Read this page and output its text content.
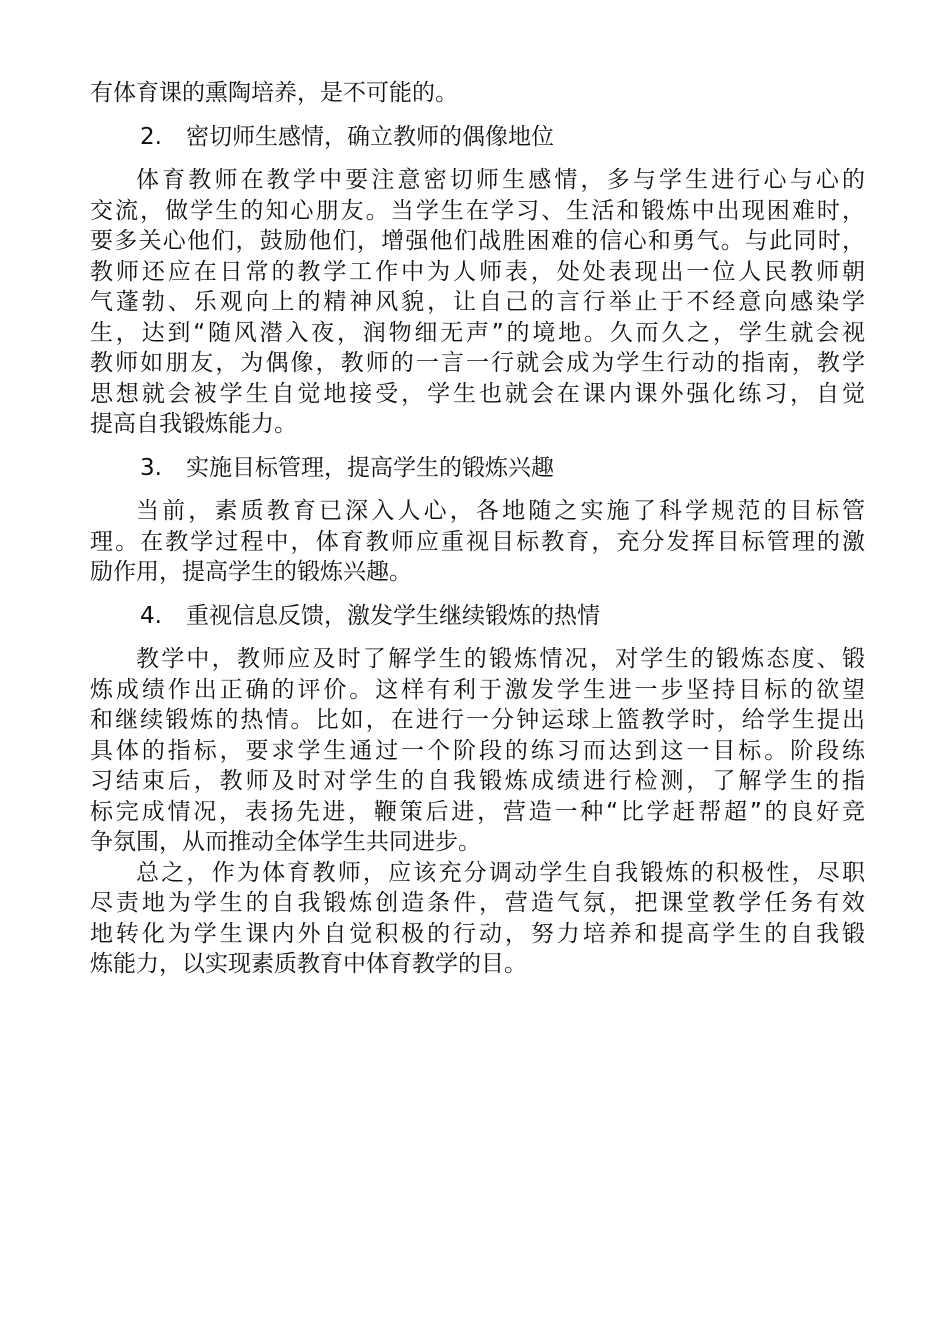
有体育课的熏陶培养，是不可能的。
2. 密切师生感情，确立教师的偶像地位
体育教师在教学中要注意密切师生感情，多与学生进行心与心的
交流，做学生的知心朋友。当学生在学习、生活和锻炼中出现困难时，
要多关心他们，鼓励他们，增强他们战胜困难的信心和勇气。与此同时，
教师还应在日常的教学工作中为人师表，处处表现出一位人民教师朝
气蓬勃、乐观向上的精神风貌，让自己的言行举止于不经意向感染学
生，达到“随风潜入夜，润物细无声”的境地。久而久之，学生就会视
教师如朋友，为偶像，教师的一言一行就会成为学生行动的指南，教学
思想就会被学生自觉地接受，学生也就会在课内课外强化练习，自觉
提高自我锻炼能力。
3. 实施目标管理，提高学生的锻炼兴趣
当前，素质教育已深入人心，各地随之实施了科学规范的目标管
理。在教学过程中，体育教师应重视目标教育，充分发挥目标管理的激
励作用，提高学生的锻炼兴趣。
4. 重视信息反馈，激发学生继续锻炼的热情
教学中，教师应及时了解学生的锻炼情况，对学生的锻炼态度、锻
炼成绩作出正确的评价。这样有利于激发学生进一步坚持目标的欲望
和继续锻炼的热情。比如，在进行一分钟运球上篮教学时，给学生提出
具体的指标，要求学生通过一个阶段的练习而达到这一目标。阶段练
习结束后，教师及时对学生的自我锻炼成绩进行检测，了解学生的指
标完成情况，表扬先进，鞭策后进，营造一种“比学赶帮超”的良好竞
争氛围，从而推动全体学生共同进步。
总之，作为体育教师，应该充分调动学生自我锻炼的积极性，尽职
尽责地为学生的自我锻炼创造条件，营造气氛，把课堂教学任务有效
地转化为学生课内外自觉积极的行动，努力培养和提高学生的自我锻
炼能力，以实现素质教育中体育教学的目。
